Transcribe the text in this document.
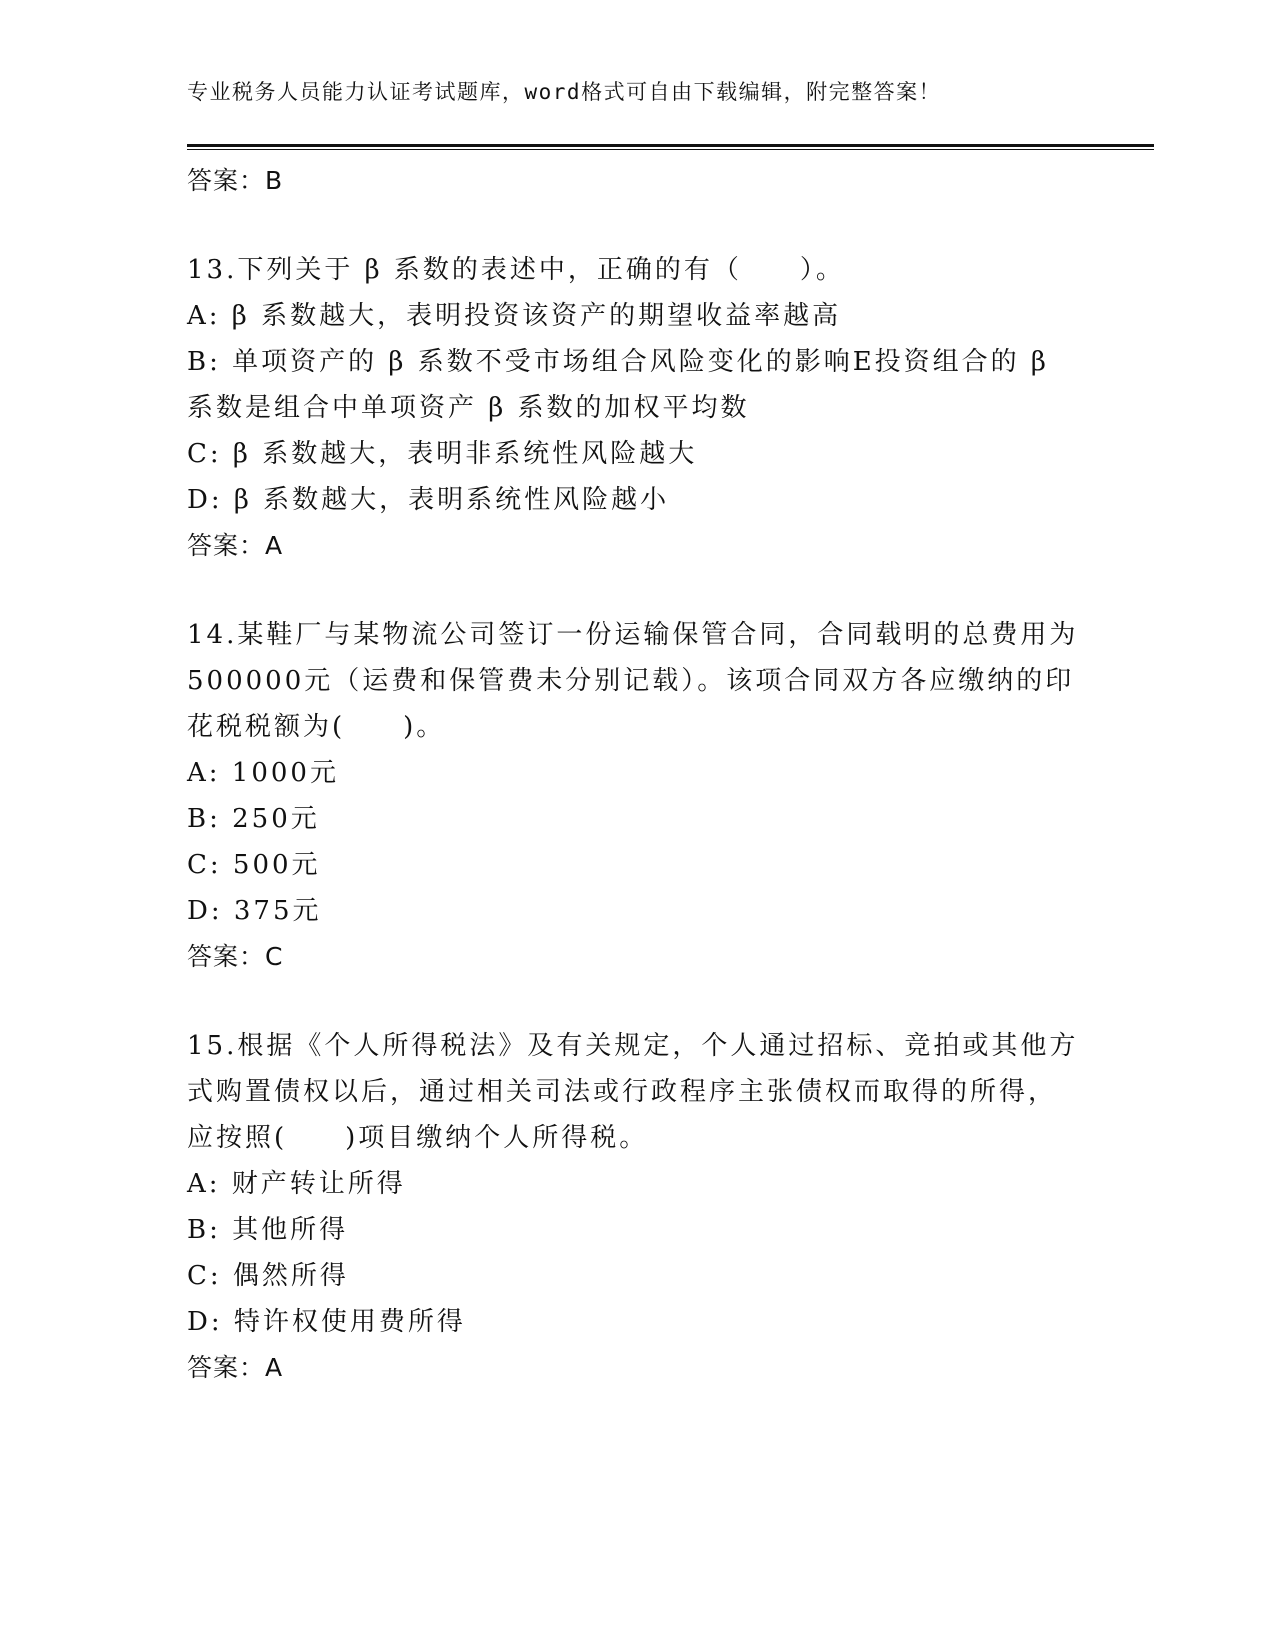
专业税务人员能力认证考试题库，word格式可自由下载编辑，附完整答案！
答案：B
13.下列关于 β 系数的表述中，正确的有（　　）。
A: β 系数越大，表明投资该资产的期望收益率越高
B: 单项资产的 β 系数不受市场组合风险变化的影响E投资组合的 β
系数是组合中单项资产 β 系数的加权平均数
C: β 系数越大，表明非系统性风险越大
D: β 系数越大，表明系统性风险越小
答案：A
14.某鞋厂与某物流公司签订一份运输保管合同，合同载明的总费用为
500000元（运费和保管费未分别记载）。该项合同双方各应缴纳的印
花税税额为(　　)。
A: 1000元
B: 250元
C: 500元
D: 375元
答案：C
15.根据《个人所得税法》及有关规定，个人通过招标、竞拍或其他方
式购置债权以后，通过相关司法或行政程序主张债权而取得的所得，
应按照(　　)项目缴纳个人所得税。
A: 财产转让所得
B: 其他所得
C: 偶然所得
D: 特许权使用费所得
答案：A
